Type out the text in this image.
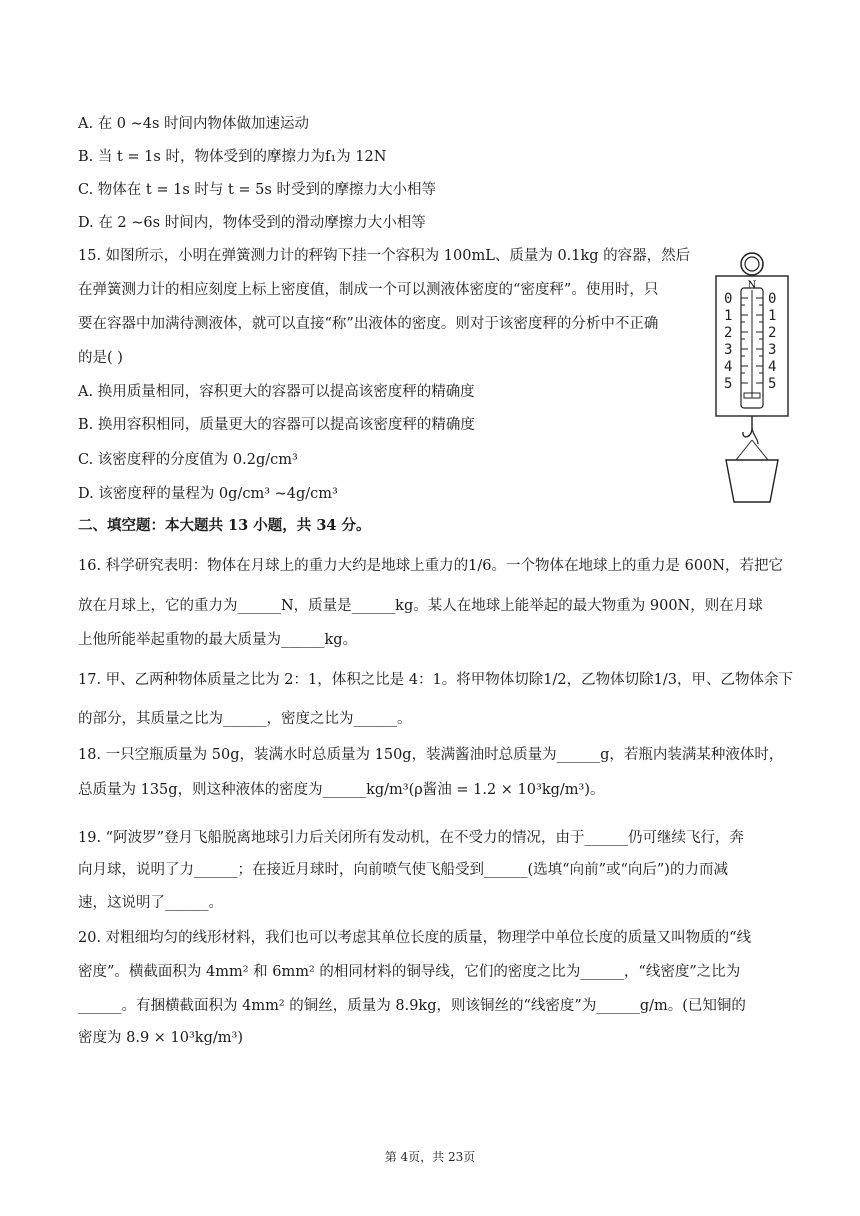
A. 在 0 ∼4s 时间内物体做加速运动
B. 当 t = 1s 时，物体受到的摩擦力为f₁为 12N
C. 物体在 t = 1s 时与 t = 5s 时受到的摩擦力大小相等
D. 在 2 ∼6s 时间内，物体受到的滑动摩擦力大小相等
15. 如图所示，小明在弹簧测力计的秤钩下挂一个容积为 100mL、质量为 0.1kg 的容器，然后
在弹簧测力计的相应刻度上标上密度值，制成一个可以测液体密度的“密度秤”。使用时，只
要在容器中加满待测液体，就可以直接“称”出液体的密度。则对于该密度秤的分析中不正确
的是( )
A. 换用质量相同，容积更大的容器可以提高该密度秤的精确度
B. 换用容积相同，质量更大的容器可以提高该密度秤的精确度
C. 该密度秤的分度值为 0.2g/cm³
D. 该密度秤的量程为 0g/cm³ ∼4g/cm³
二、填空题：本大题共 13 小题，共 34 分。
16. 科学研究表明：物体在月球上的重力大约是地球上重力的1/6。一个物体在地球上的重力是 600N，若把它
放在月球上，它的重力为______N，质量是______kg。某人在地球上能举起的最大物重为 900N，则在月球
上他所能举起重物的最大质量为______kg。
17. 甲、乙两种物体质量之比为 2：1，体积之比是 4：1。将甲物体切除1/2，乙物体切除1/3，甲、乙物体余下
的部分，其质量之比为______，密度之比为______。
18. 一只空瓶质量为 50g，装满水时总质量为 150g，装满酱油时总质量为______g，若瓶内装满某种液体时，
总质量为 135g，则这种液体的密度为______kg/m³(ρ酱油 = 1.2 × 10³kg/m³)。
19. “阿波罗”登月飞船脱离地球引力后关闭所有发动机，在不受力的情况，由于______仍可继续飞行，奔
向月球，说明了力______；在接近月球时，向前喷气使飞船受到______(选填“向前”或“向后”)的力而减
速，这说明了______。
20. 对粗细均匀的线形材料，我们也可以考虑其单位长度的质量，物理学中单位长度的质量又叫物质的“线
密度”。横截面积为 4mm² 和 6mm² 的相同材料的铜导线，它们的密度之比为______，“线密度”之比为
______。有捆横截面积为 4mm² 的铜丝，质量为 8.9kg，则该铜丝的“线密度”为______g/m。(已知铜的
密度为 8.9 × 10³kg/m³)
N
0
1
2
3
4
5
0
1
2
3
4
5
第 4页，共 23页
